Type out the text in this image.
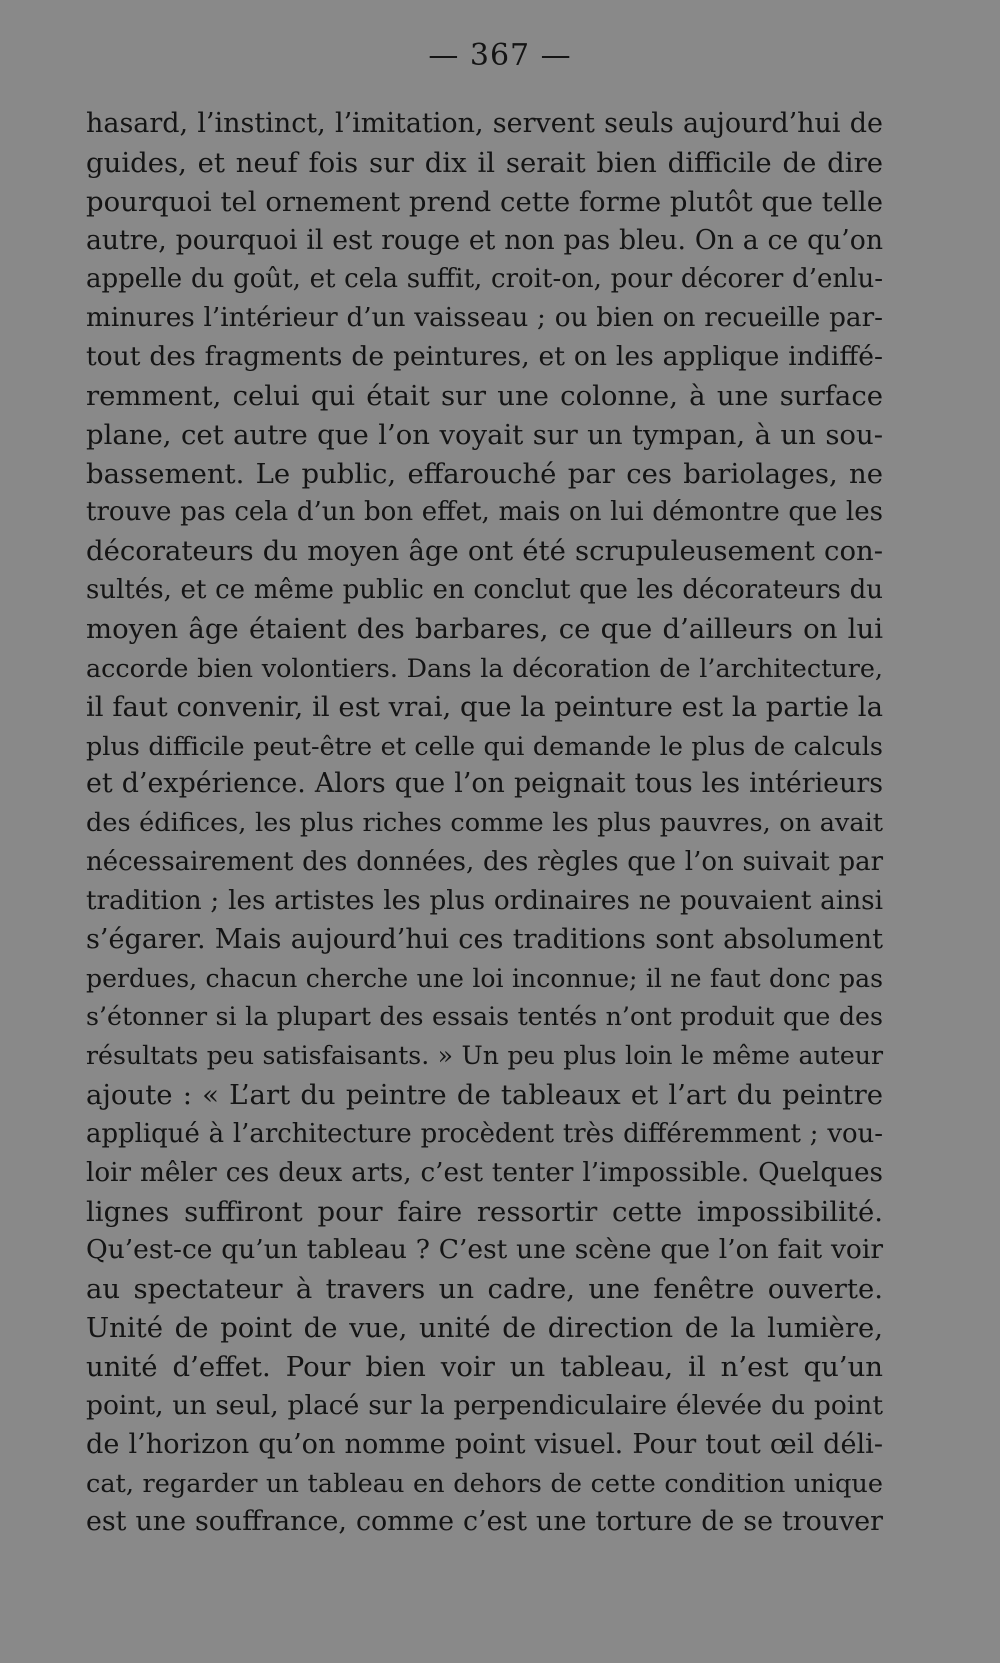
— 367 —
hasard, l’instinct, l’imitation, servent seuls aujourd’hui de
guides, et neuf fois sur dix il serait bien difficile de dire
pourquoi tel ornement prend cette forme plutôt que telle
autre, pourquoi il est rouge et non pas bleu. On a ce qu’on
appelle du goût, et cela suffit, croit-on, pour décorer d’enlu-
minures l’intérieur d’un vaisseau ; ou bien on recueille par-
tout des fragments de peintures, et on les applique indiffé-
remment, celui qui était sur une colonne, à une surface
plane, cet autre que l’on voyait sur un tympan, à un sou-
bassement. Le public, effarouché par ces bariolages, ne
trouve pas cela d’un bon effet, mais on lui démontre que les
décorateurs du moyen âge ont été scrupuleusement con-
sultés, et ce même public en conclut que les décorateurs du
moyen âge étaient des barbares, ce que d’ailleurs on lui
accorde bien volontiers. Dans la décoration de l’architecture,
il faut convenir, il est vrai, que la peinture est la partie la
plus difficile peut-être et celle qui demande le plus de calculs
et d’expérience. Alors que l’on peignait tous les intérieurs
des édifices, les plus riches comme les plus pauvres, on avait
nécessairement des données, des règles que l’on suivait par
tradition ; les artistes les plus ordinaires ne pouvaient ainsi
s’égarer. Mais aujourd’hui ces traditions sont absolument
perdues, chacun cherche une loi inconnue; il ne faut donc pas
s’étonner si la plupart des essais tentés n’ont produit que des
résultats peu satisfaisants. » Un peu plus loin le même auteur
ajoute : « L’art du peintre de tableaux et l’art du peintre
appliqué à l’architecture procèdent très différemment ; vou-
loir mêler ces deux arts, c’est tenter l’impossible. Quelques
lignes suffiront pour faire ressortir cette impossibilité.
Qu’est-ce qu’un tableau ? C’est une scène que l’on fait voir
au spectateur à travers un cadre, une fenêtre ouverte.
Unité de point de vue, unité de direction de la lumière,
unité d’effet. Pour bien voir un tableau, il n’est qu’un
point, un seul, placé sur la perpendiculaire élevée du point
de l’horizon qu’on nomme point visuel. Pour tout œil déli-
cat, regarder un tableau en dehors de cette condition unique
est une souffrance, comme c’est une torture de se trouver
